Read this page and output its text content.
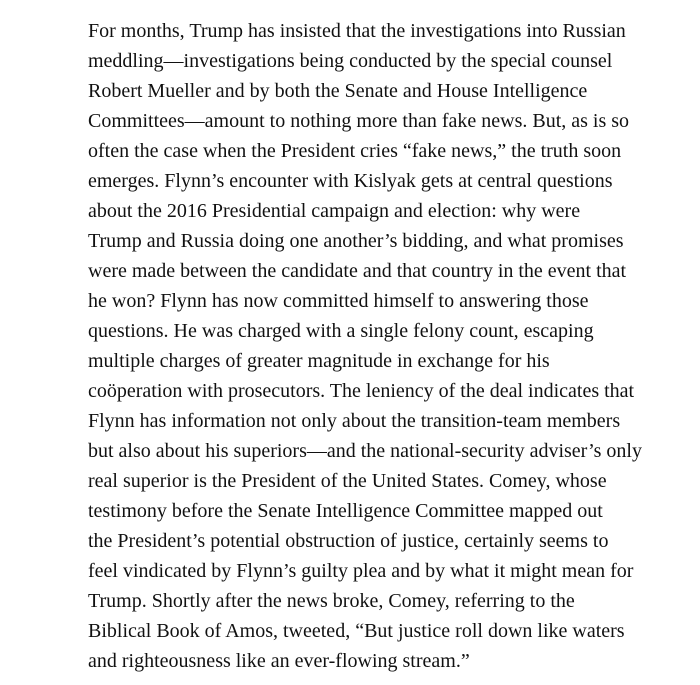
For months, Trump has insisted that the investigations into Russian
meddling—investigations being conducted by the special counsel
Robert Mueller and by both the Senate and House Intelligence
Committees—amount to nothing more than fake news. But, as is so
often the case when the President cries “fake news,” the truth soon
emerges. Flynn’s encounter with Kislyak gets at central questions
about the 2016 Presidential campaign and election: why were
Trump and Russia doing one another’s bidding, and what promises
were made between the candidate and that country in the event that
he won? Flynn has now committed himself to answering those
questions. He was charged with a single felony count, escaping
multiple charges of greater magnitude in exchange for his
coöperation with prosecutors. The leniency of the deal indicates that
Flynn has information not only about the transition-team members
but also about his superiors—and the national-security adviser’s only
real superior is the President of the United States. Comey, whose
testimony before the Senate Intelligence Committee mapped out
the President’s potential obstruction of justice, certainly seems to
feel vindicated by Flynn’s guilty plea and by what it might mean for
Trump. Shortly after the news broke, Comey, referring to the
Biblical Book of Amos, tweeted, “But justice roll down like waters
and righteousness like an ever-flowing stream.”
